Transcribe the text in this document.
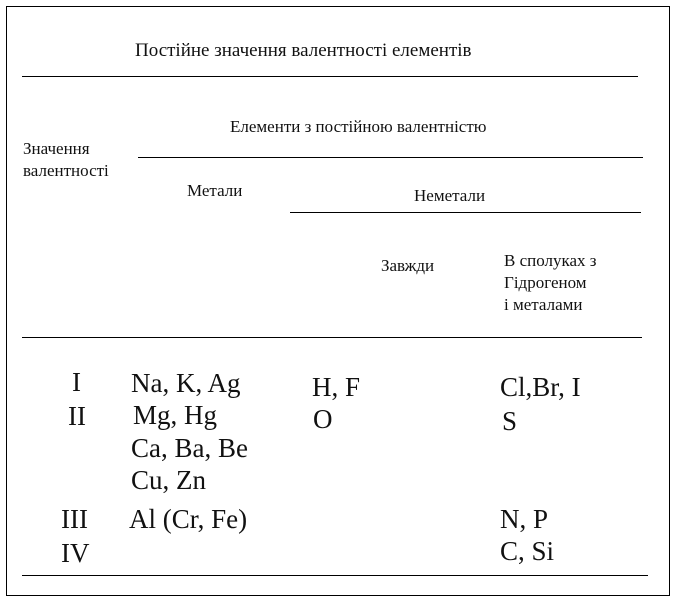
Постійне значення валентності елементів
Значення
валентності
Елементи з постійною валентністю
Метали	Неметали
Завжди	В сполуках з
Гідрогеном
і металами
I
II
III
IV
Na, K, Ag
Mg, Hg
Ca, Ba, Be
Cu, Zn
Al (Cr, Fe)
H, F
O
Cl,Br, I
S
N, P
C, Si
